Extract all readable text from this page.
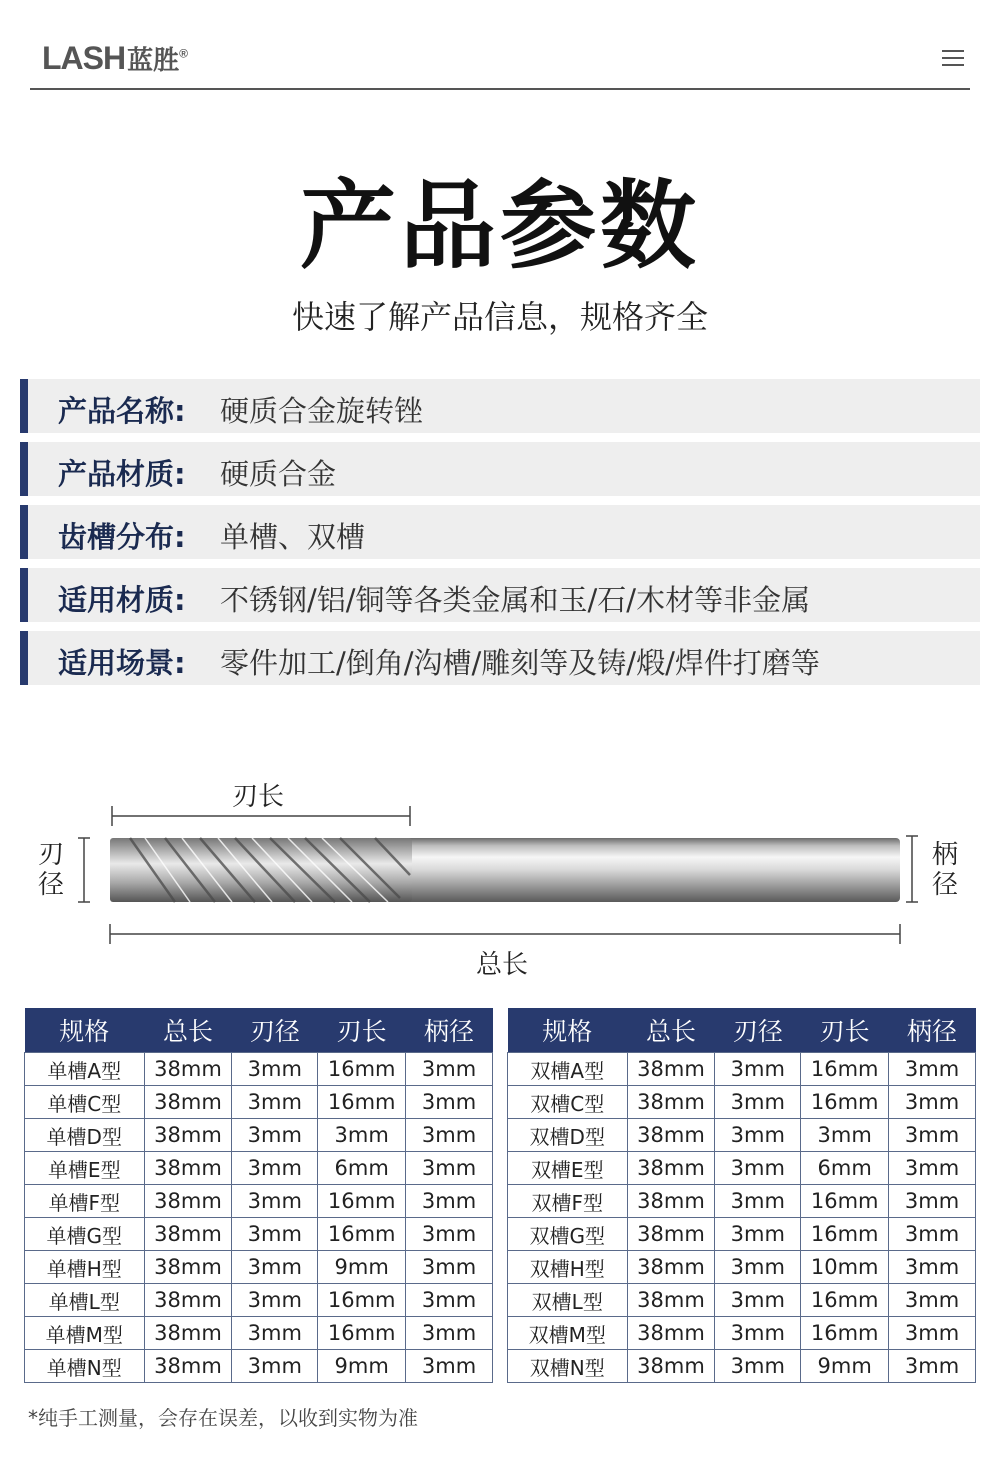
LASH蓝胜®
产品参数
快速了解产品信息，规格齐全
产品名称: 硬质合金旋转锉
产品材质: 硬质合金
齿槽分布: 单槽、双槽
适用材质: 不锈钢/铝/铜等各类金属和玉/石/木材等非金属
适用场景: 零件加工/倒角/沟槽/雕刻等及铸/煅/焊件打磨等
刃长
刃径
柄径
总长
规格	总长	刃径	刃长	柄径
单槽A型	38mm	3mm	16mm	3mm
单槽C型	38mm	3mm	16mm	3mm
单槽D型	38mm	3mm	3mm	3mm
单槽E型	38mm	3mm	6mm	3mm
单槽F型	38mm	3mm	16mm	3mm
单槽G型	38mm	3mm	16mm	3mm
单槽H型	38mm	3mm	9mm	3mm
单槽L型	38mm	3mm	16mm	3mm
单槽M型	38mm	3mm	16mm	3mm
单槽N型	38mm	3mm	9mm	3mm
规格	总长	刃径	刃长	柄径
双槽A型	38mm	3mm	16mm	3mm
双槽C型	38mm	3mm	16mm	3mm
双槽D型	38mm	3mm	3mm	3mm
双槽E型	38mm	3mm	6mm	3mm
双槽F型	38mm	3mm	16mm	3mm
双槽G型	38mm	3mm	16mm	3mm
双槽H型	38mm	3mm	10mm	3mm
双槽L型	38mm	3mm	16mm	3mm
双槽M型	38mm	3mm	16mm	3mm
双槽N型	38mm	3mm	9mm	3mm
*纯手工测量，会存在误差，以收到实物为准
